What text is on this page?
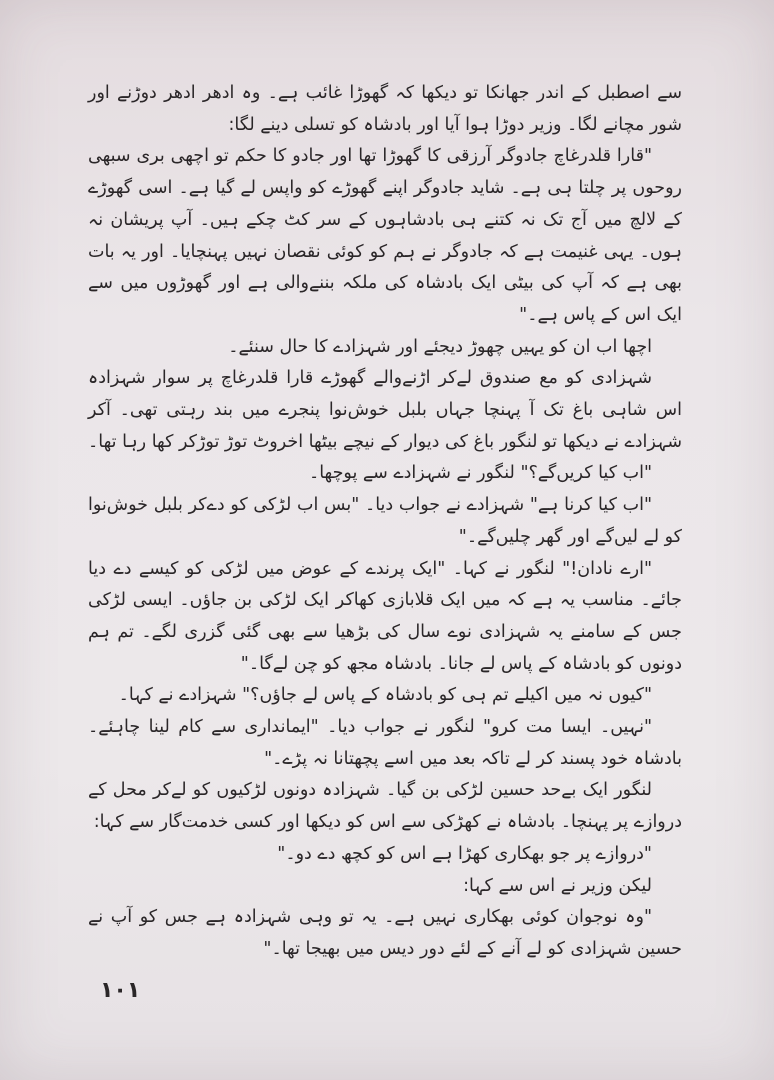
سے اصطبل کے اندر جھانکا تو دیکھا کہ گھوڑا غائب ہے۔ وہ ادھر ادھر دوڑنے اور شور مچانے لگا۔ وزیر دوڑا ہوا آیا اور بادشاہ کو تسلی دینے لگا:

"قارا قلدرغاچ جادوگر آرزقی کا گھوڑا تھا اور جادو کا حکم تو اچھی بری سبھی روحوں پر چلتا ہی ہے۔ شاید جادوگر اپنے گھوڑے کو واپس لے گیا ہے۔ اسی گھوڑے کے لالچ میں آج تک نہ کتنے ہی بادشاہوں کے سر کٹ چکے ہیں۔ آپ پریشان نہ ہوں۔ یہی غنیمت ہے کہ جادوگر نے ہم کو کوئی نقصان نہیں پہنچایا۔ اور یہ بات بھی ہے کہ آپ کی بیٹی ایک بادشاہ کی ملکہ بننےوالی ہے اور گھوڑوں میں سے ایک اس کے پاس ہے۔"

اچھا اب ان کو یہیں چھوڑ دیجئے اور شہزادے کا حال سنئے۔

شہزادی کو مع صندوق لےکر اڑنےوالے گھوڑے قارا قلدرغاچ پر سوار شہزادہ اس شاہی باغ تک آ پہنچا جہاں بلبل خوش‌نوا پنجرے میں بند رہتی تھی۔ آکر شہزادے نے دیکھا تو لنگور باغ کی دیوار کے نیچے بیٹھا اخروٹ توڑ توڑکر کھا رہا تھا۔

"اب کیا کریں‌گے؟" لنگور نے شہزادے سے پوچھا۔

"اب کیا کرنا ہے" شہزادے نے جواب دیا۔ "بس اب لڑکی کو دےکر بلبل خوش‌نوا کو لے لیں‌گے اور گھر چلیں‌گے۔"

"ارے نادان!" لنگور نے کہا۔ "ایک پرندے کے عوض میں لڑکی کو کیسے دے دیا جائے۔ مناسب یہ ہے کہ میں ایک قلابازی کھاکر ایک لڑکی بن جاؤں۔ ایسی لڑکی جس کے سامنے یہ شہزادی نوے سال کی بڑھیا سے بھی گئی گزری لگے۔ تم ہم دونوں کو بادشاہ کے پاس لے جانا۔ بادشاہ مجھ کو چن لےگا۔"

"کیوں نہ میں اکیلے تم ہی کو بادشاہ کے پاس لے جاؤں؟" شہزادے نے کہا۔

"نہیں۔ ایسا مت کرو" لنگور نے جواب دیا۔ "ایمانداری سے کام لینا چاہئے۔ بادشاہ خود پسند کر لے تاکہ بعد میں اسے پچھتانا نہ پڑے۔"

لنگور ایک بےحد حسین لڑکی بن گیا۔ شہزادہ دونوں لڑکیوں کو لےکر محل کے دروازے پر پہنچا۔ بادشاہ نے کھڑکی سے اس کو دیکھا اور کسی خدمت‌گار سے کہا:

"دروازے پر جو بھکاری کھڑا ہے اس کو کچھ دے دو۔"

لیکن وزیر نے اس سے کہا:

"وہ نوجوان کوئی بھکاری نہیں ہے۔ یہ تو وہی شہزادہ ہے جس کو آپ نے حسین شہزادی کو لے آنے کے لئے دور دیس میں بھیجا تھا۔"

۱۰۱
